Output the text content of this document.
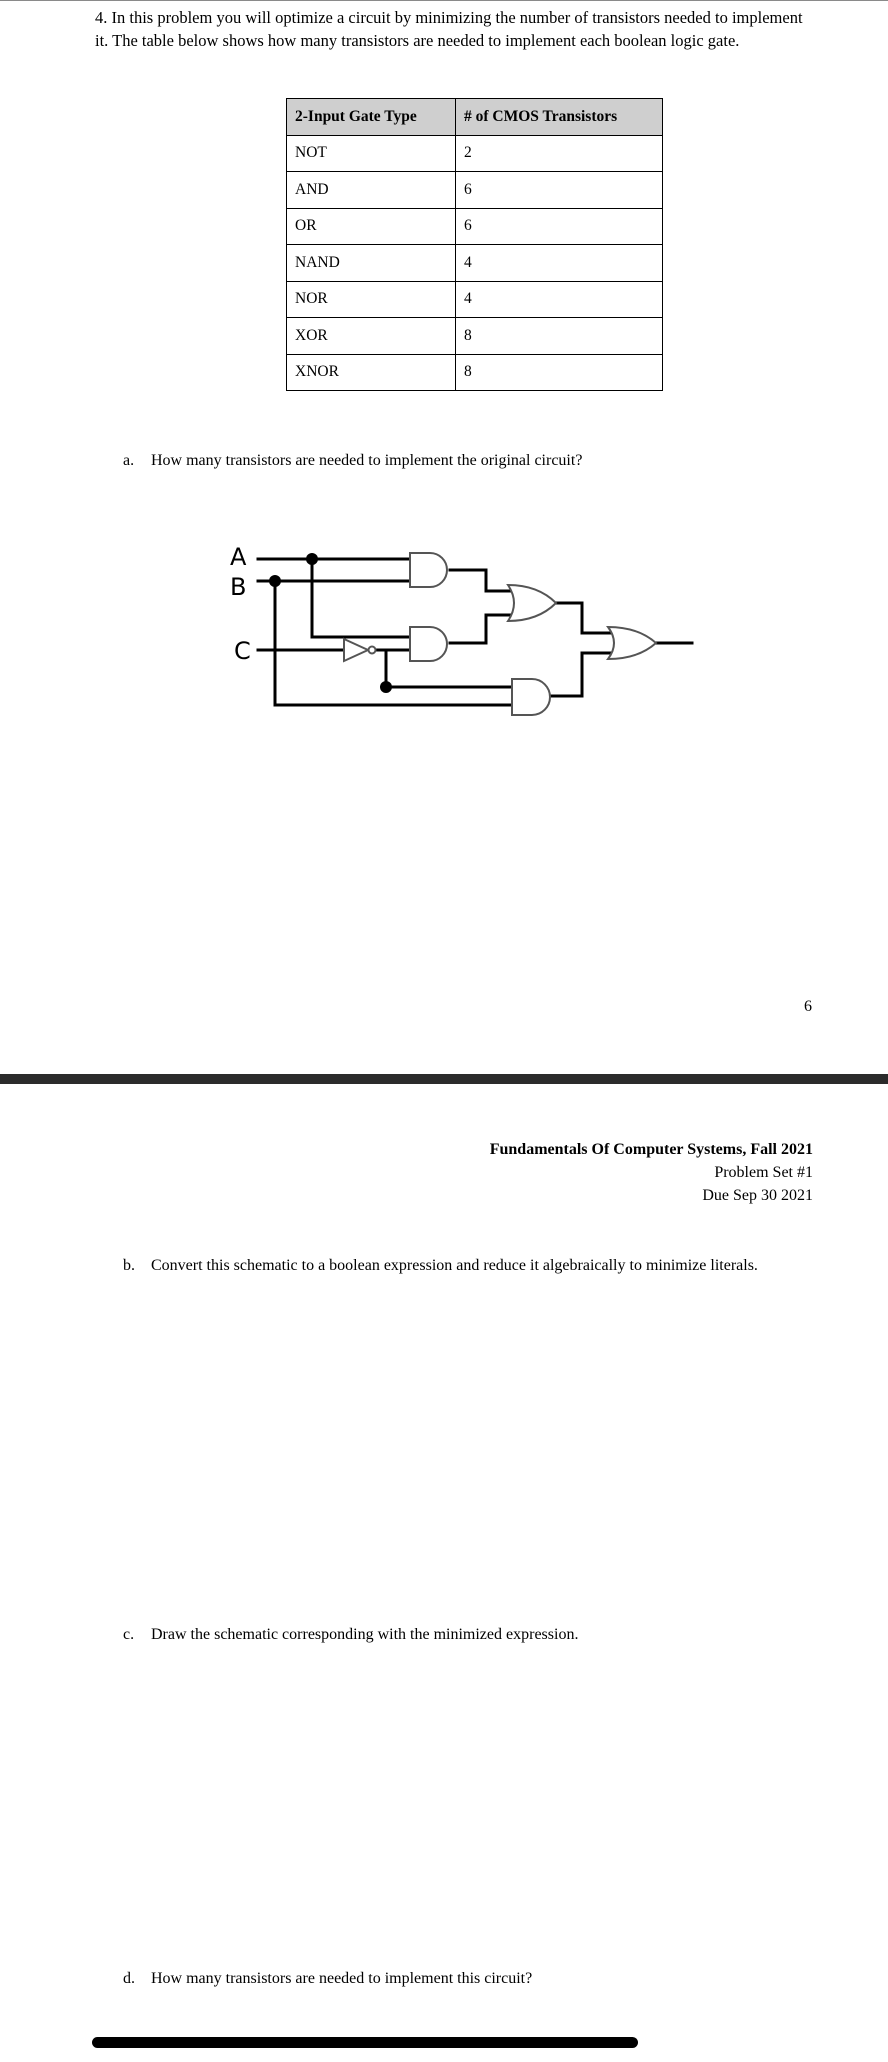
4. In this problem you will optimize a circuit by minimizing the number of transistors needed to implement it. The table below shows how many transistors are needed to implement each boolean logic gate.
2-Input Gate Type	# of CMOS Transistors
NOT	2
AND	6
OR	6
NAND	4
NOR	4
XOR	8
XNOR	8
a. How many transistors are needed to implement the original circuit?
A
B
C
6
Fundamentals Of Computer Systems, Fall 2021
Problem Set #1
Due Sep 30 2021
b. Convert this schematic to a boolean expression and reduce it algebraically to minimize literals.
c. Draw the schematic corresponding with the minimized expression.
d. How many transistors are needed to implement this circuit?
